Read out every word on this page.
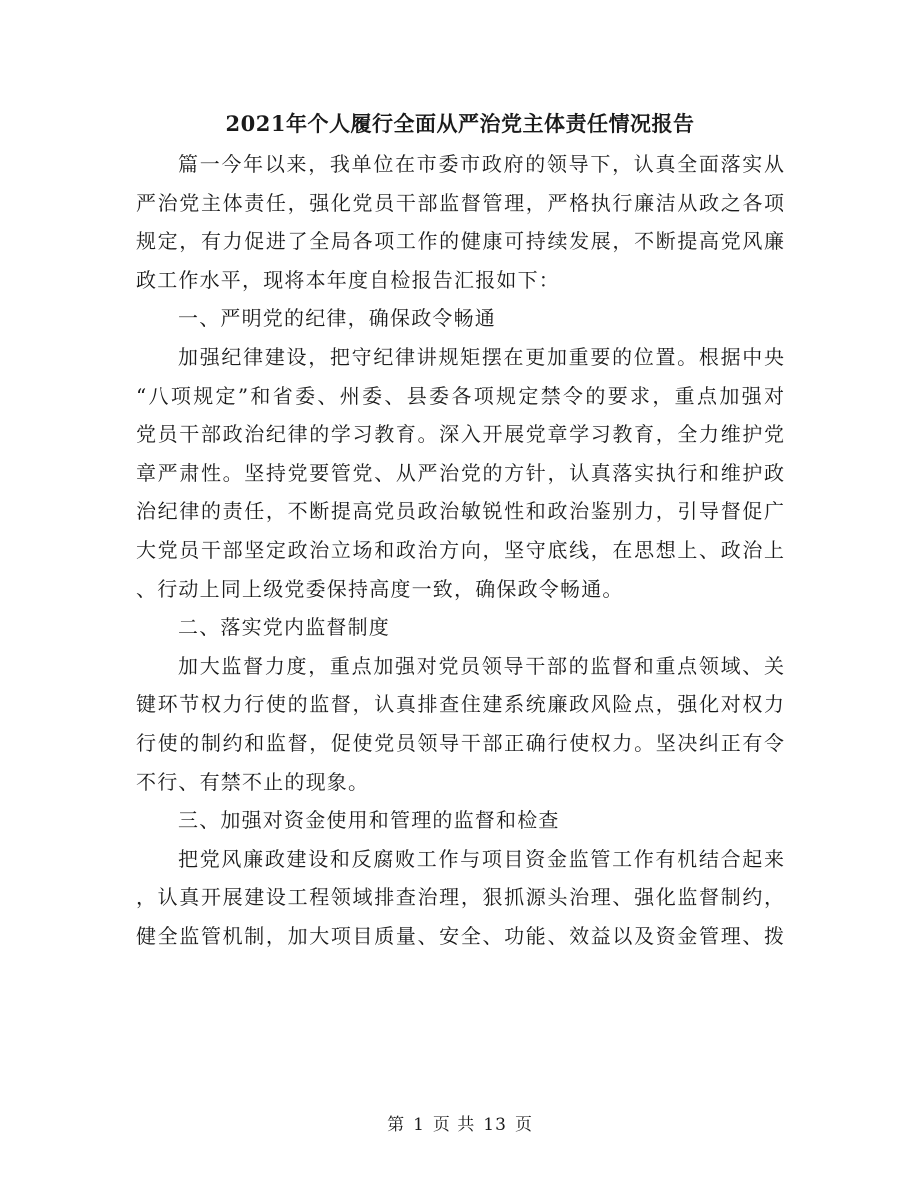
2021年个人履行全面从严治党主体责任情况报告
篇一今年以来，我单位在市委市政府的领导下，认真全面落实从
严治党主体责任，强化党员干部监督管理，严格执行廉洁从政之各项
规定，有力促进了全局各项工作的健康可持续发展，不断提高党风廉
政工作水平，现将本年度自检报告汇报如下：
一、严明党的纪律，确保政令畅通
加强纪律建设，把守纪律讲规矩摆在更加重要的位置。根据中央
“八项规定”和省委、州委、县委各项规定禁令的要求，重点加强对
党员干部政治纪律的学习教育。深入开展党章学习教育，全力维护党
章严肃性。坚持党要管党、从严治党的方针，认真落实执行和维护政
治纪律的责任，不断提高党员政治敏锐性和政治鉴别力，引导督促广
大党员干部坚定政治立场和政治方向，坚守底线，在思想上、政治上
、行动上同上级党委保持高度一致，确保政令畅通。
二、落实党内监督制度
加大监督力度，重点加强对党员领导干部的监督和重点领域、关
键环节权力行使的监督，认真排查住建系统廉政风险点，强化对权力
行使的制约和监督，促使党员领导干部正确行使权力。坚决纠正有令
不行、有禁不止的现象。
三、加强对资金使用和管理的监督和检查
把党风廉政建设和反腐败工作与项目资金监管工作有机结合起来
，认真开展建设工程领域排查治理，狠抓源头治理、强化监督制约，
健全监管机制，加大项目质量、安全、功能、效益以及资金管理、拨
第 1 页 共 13 页
